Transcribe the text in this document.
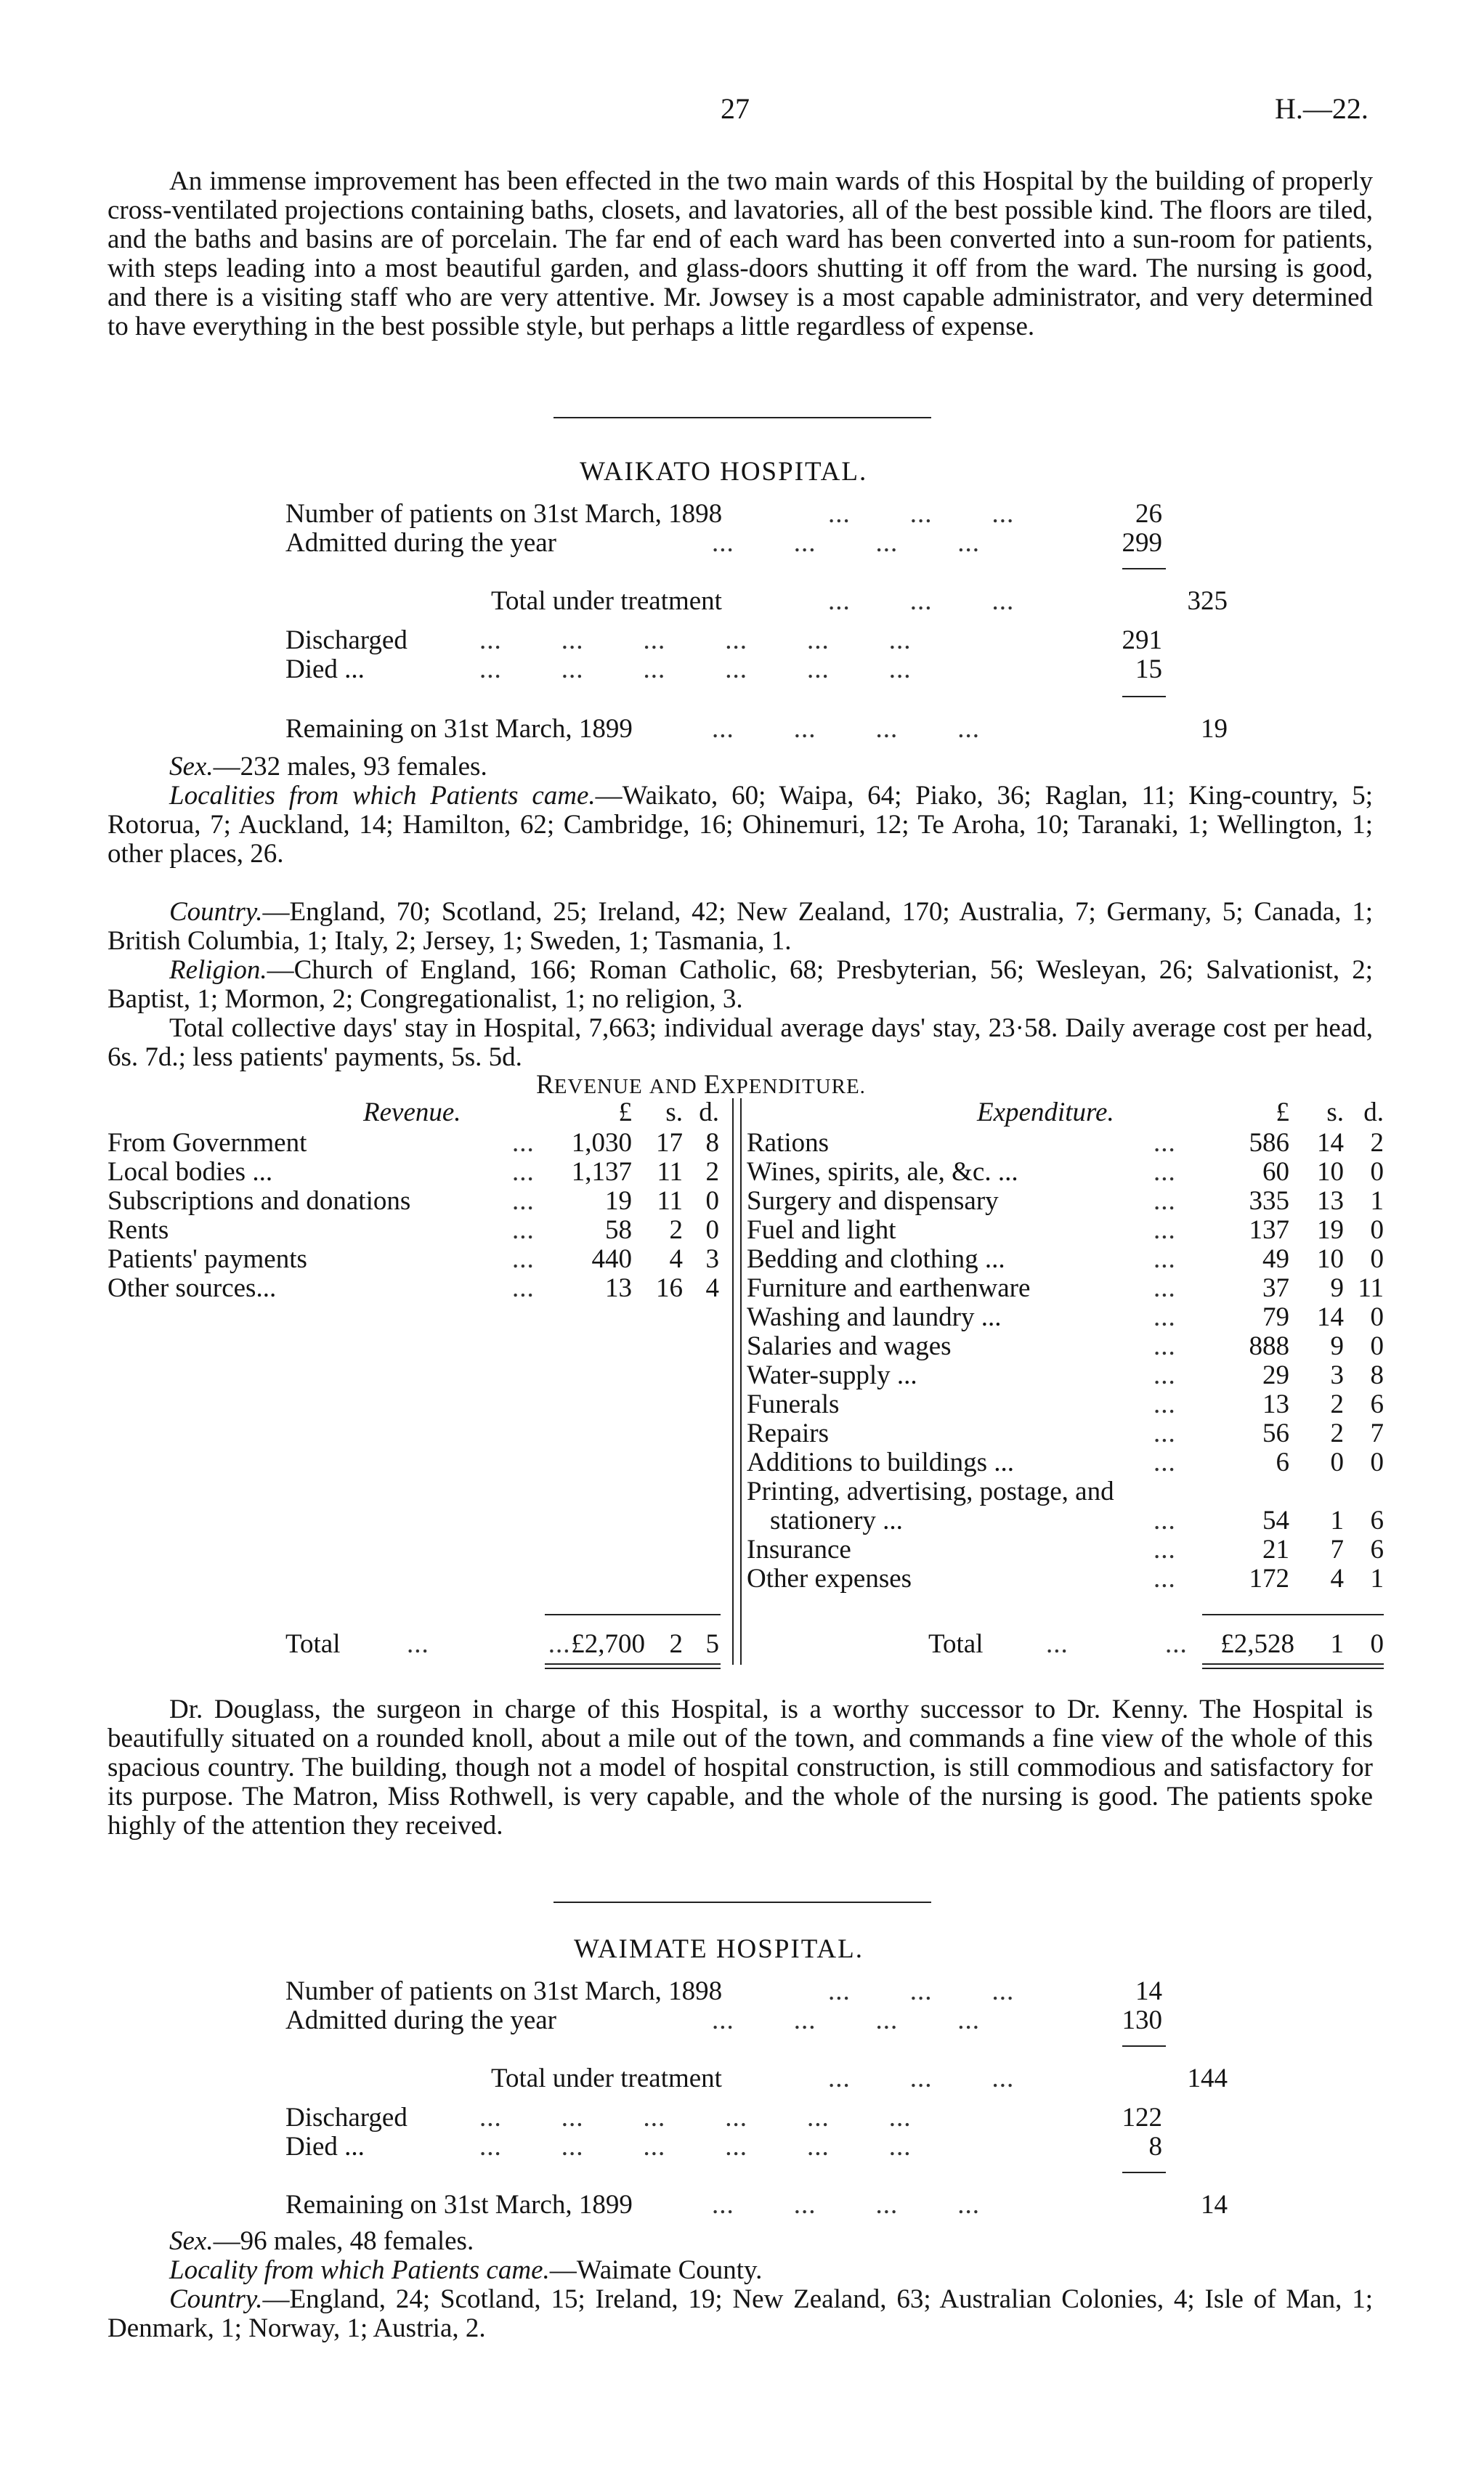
27	H.—22.
An immense improvement has been effected in the two main wards of this Hospital by the building of properly cross-ventilated projections containing baths, closets, and lavatories, all of the best possible kind. The floors are tiled, and the baths and basins are of porcelain. The far end of each ward has been converted into a sun-room for patients, with steps leading into a most beautiful garden, and glass-doors shutting it off from the ward. The nursing is good, and there is a visiting staff who are very attentive. Mr. Jowsey is a most capable administrator, and very determined to have everything in the best possible style, but perhaps a little regardless of expense.
WAIKATO HOSPITAL.
Number of patients on 31st March, 1898	...        ...        ...	26
Admitted during the year	...        ...        ...        ...	299
Total under treatment	...        ...        ...	325
Discharged	...        ...        ...        ...        ...        ...	291
Died ...	...        ...        ...        ...        ...        ...	15
Remaining on 31st March, 1899	...        ...        ...        ...	19
Sex.—232 males, 93 females.
Localities from which Patients came.—Waikato, 60; Waipa, 64; Piako, 36; Raglan, 11; King-country, 5; Rotorua, 7; Auckland, 14; Hamilton, 62; Cambridge, 16; Ohinemuri, 12; Te Aroha, 10; Taranaki, 1; Wellington, 1; other places, 26.
Country.—England, 70; Scotland, 25; Ireland, 42; New Zealand, 170; Australia, 7; Germany, 5; Canada, 1; British Columbia, 1; Italy, 2; Jersey, 1; Sweden, 1; Tasmania, 1.
Religion.—Church of England, 166; Roman Catholic, 68; Presbyterian, 56; Wesleyan, 26; Salvationist, 2; Baptist, 1; Mormon, 2; Congregationalist, 1; no religion, 3.
Total collective days' stay in Hospital, 7,663; individual average days' stay, 23·58. Daily average cost per head, 6s. 7d.; less patients' payments, 5s. 5d.
REVENUE AND EXPENDITURE.
Revenue.	£	s. d.	Expenditure.	£	s. d.
From Government	...	1,030 17 8
Local bodies ...	...	1,137 11 2
Subscriptions and donations	...	19 11 0
Rents	...	58	2 0
Patients' payments	...	440	4 3
Other sources...	...	13 16 4
Rations	...	586	14 2
Wines, spirits, ale, &c. ...	...	60	10 0
Surgery and dispensary	...	335	13 1
Fuel and light	...	137	19 0
Bedding and clothing ...	...	49	10 0
Furniture and earthenware	...	37	9 11
Washing and laundry ...	...	79	14 0
Salaries and wages	...	888	9 0
Water-supply ...	...	29	3 8
Funerals	...	13	2 6
Repairs	...	56	2 7
Additions to buildings ...	...	6	0 0
Printing, advertising, postage, and
stationery ...	...	54	1 6
Insurance	...	21	7 6
Other expenses	...	172	4 1
Total ...                ... £2,700 2 5	Total ...             ...	£2,528	1 0
Dr. Douglass, the surgeon in charge of this Hospital, is a worthy successor to Dr. Kenny. The Hospital is beautifully situated on a rounded knoll, about a mile out of the town, and commands a fine view of the whole of this spacious country. The building, though not a model of hospital construction, is still commodious and satisfactory for its purpose. The Matron, Miss Rothwell, is very capable, and the whole of the nursing is good. The patients spoke highly of the attention they received.
WAIMATE HOSPITAL.
Number of patients on 31st March, 1898	...        ...        ...	14
Admitted during the year	...        ...        ...        ...	130
Total under treatment	...        ...        ...	144
Discharged	...        ...        ...        ...        ...        ...	122
Died ...	...        ...        ...        ...        ...        ...	8
Remaining on 31st March, 1899	...        ...        ...        ...	14
Sex.—96 males, 48 females.
Locality from which Patients came.—Waimate County.
Country.—England, 24; Scotland, 15; Ireland, 19; New Zealand, 63; Australian Colonies, 4; Isle of Man, 1; Denmark, 1; Norway, 1; Austria, 2.
